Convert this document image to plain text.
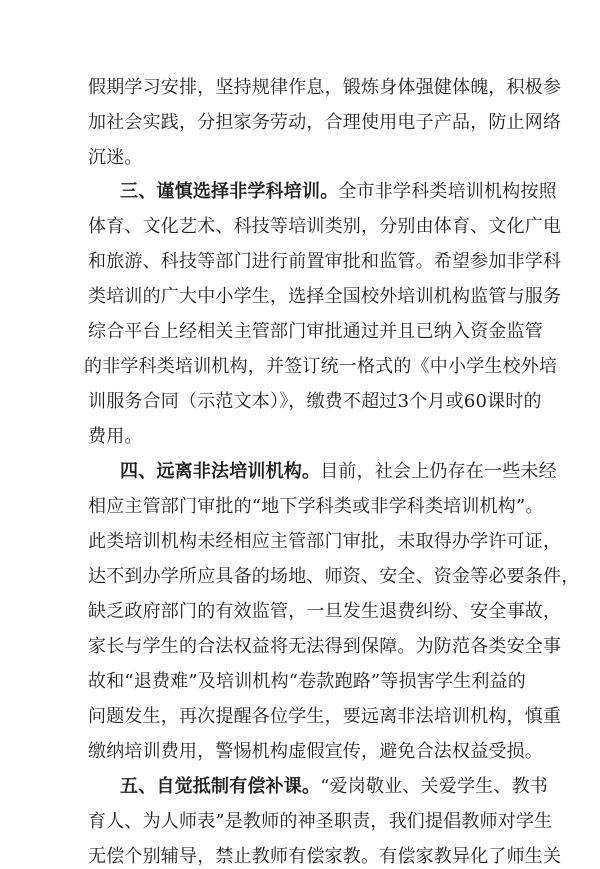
假期学习安排，坚持规律作息，锻炼身体强健体魄，积极参
加社会实践，分担家务劳动，合理使用电子产品，防止网络
沉迷。
三、谨慎选择非学科培训。全市非学科类培训机构按照
体育、文化艺术、科技等培训类别，分别由体育、文化广电
和旅游、科技等部门进行前置审批和监管。希望参加非学科
类培训的广大中小学生，选择全国校外培训机构监管与服务
综合平台上经相关主管部门审批通过并且已纳入资金监管
的非学科类培训机构，并签订统一格式的《中小学生校外培
训服务合同（示范文本）》，缴费不超过3个月或60课时的
费用。
四、远离非法培训机构。目前，社会上仍存在一些未经
相应主管部门审批的“地下学科类或非学科类培训机构”。
此类培训机构未经相应主管部门审批，未取得办学许可证，
达不到办学所应具备的场地、师资、安全、资金等必要条件，
缺乏政府部门的有效监管，一旦发生退费纠纷、安全事故，
家长与学生的合法权益将无法得到保障。为防范各类安全事
故和“退费难”及培训机构“卷款跑路”等损害学生利益的
问题发生，再次提醒各位学生，要远离非法培训机构，慎重
缴纳培训费用，警惕机构虚假宣传，避免合法权益受损。
五、自觉抵制有偿补课。“爱岗敬业、关爱学生、教书
育人、为人师表”是教师的神圣职责，我们提倡教师对学生
无偿个别辅导，禁止教师有偿家教。有偿家教异化了师生关
